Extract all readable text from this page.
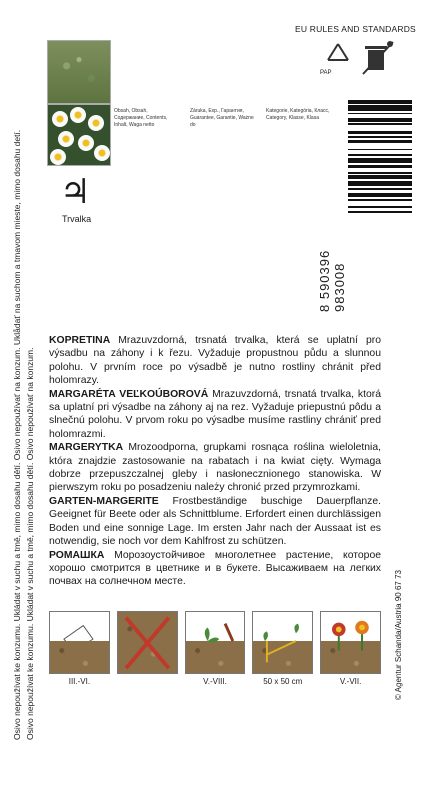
Osivo nepoužívat ke konzumu. Ukládat v suchu a tmě, mimo dosahu dětí. Osivo nepoužívať na konzum. Uklådať na suchom a tmavom mieste, mimo dosahu detí. Osivo nepoužívat ke konzumu. Ukládat v suchu a tmě, mimo dosahu dětí. Osivo nepoužívať na konzum.
EU RULES AND STANDARDS
PAP
♃
Trvalka
Obsah, Obsah, Содержание, Contents, Inhalt, Waga netto
Záruka, Exp., Гарантия, Guarantee, Garantie, Ważne do
Kategorie, Kategória, Класс, Category, Klasse, Klasa
8 590396 983008

KOPRETINA Mrazuvzdorná, trsnatá trvalka, která se uplatní pro výsadbu na záhony i k řezu. Vyžaduje propustnou půdu a slunnou polohu. V prvním roce po výsadbě je nutno rostliny chránit před holomrazy.

MARGARÉTA VEĽKOÚBOROVÁ Mrazuvzdorná, trsnatá trvalka, ktorá sa uplatní pri výsadbe na záhony aj na rez. Vyžaduje priepustnú pôdu a slnečnú polohu. V prvom roku po výsadbe musíme rastliny chrániť pred holomrazmi.

MARGERYTKA Mrozoodporna, grupkami rosnąca roślina wieloletnia, która znajdzie zastosowanie na rabatach i na kwiat cięty. Wymaga dobrze przepuszczalnej gleby i nasłonecznionego stanowiska. W pierwszym roku po posadzeniu należy chronić przed przymrozkami.

GARTEN-MARGERITE Frostbeständige buschige Dauerpflanze. Geeignet für Beete oder als Schnittblume. Erfordert einen durchlässigen Boden und eine sonnige Lage. Im ersten Jahr nach der Aussaat ist es notwendig, sie noch vor dem Kahlfrost zu schützen.

РОМАШКА Морозоустойчивое многолетнее растение, которое хорошо смотрится в цветнике и в букете. Высаживаем на легких почвах на солнечном месте.	© Agentur Schanda/Austria 90 67 73
III.-VI.	V.-VIII.	50 x 50 cm	V.-VII.
